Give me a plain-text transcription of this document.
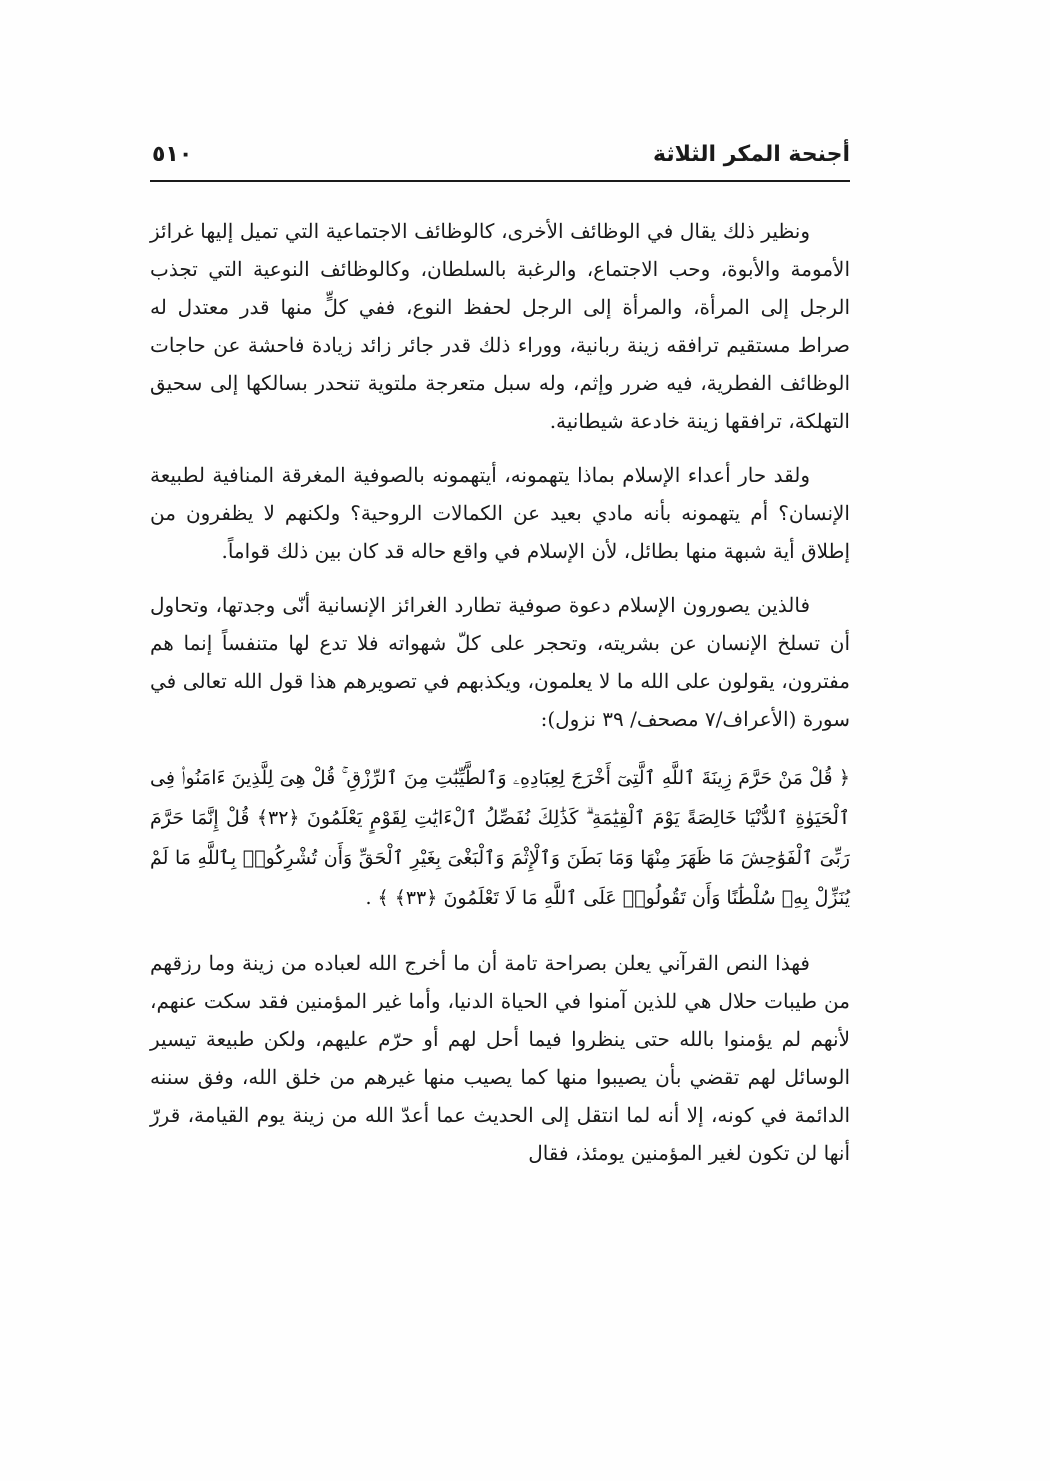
أجنحة المكر الثلاثة
٥١٠

ونظير ذلك يقال في الوظائف الأخرى، كالوظائف الاجتماعية التي تميل إليها غرائز الأمومة والأبوة، وحب الاجتماع، والرغبة بالسلطان، وكالوظائف النوعية التي تجذب الرجل إلى المرأة، والمرأة إلى الرجل لحفظ النوع، ففي كلٍّ منها قدر معتدل له صراط مستقيم ترافقه زينة ربانية، ووراء ذلك قدر جائر زائد زيادة فاحشة عن حاجات الوظائف الفطرية، فيه ضرر وإثم، وله سبل متعرجة ملتوية تنحدر بسالكها إلى سحيق التهلكة، ترافقها زينة خادعة شيطانية.

ولقد حار أعداء الإسلام بماذا يتهمونه، أيتهمونه بالصوفية المغرقة المنافية لطبيعة الإنسان؟ أم يتهمونه بأنه مادي بعيد عن الكمالات الروحية؟ ولكنهم لا يظفرون من إطلاق أية شبهة منها بطائل، لأن الإسلام في واقع حاله قد كان بين ذلك قواماً.

فالذين يصورون الإسلام دعوة صوفية تطارد الغرائز الإنسانية أنّى وجدتها، وتحاول أن تسلخ الإنسان عن بشريته، وتحجر على كلّ شهواته فلا تدع لها متنفساً إنما هم مفترون، يقولون على الله ما لا يعلمون، ويكذبهم في تصويرهم هذا قول الله تعالى في سورة (الأعراف/٧ مصحف/ ٣٩ نزول):

﴿ قُلْ مَنْ حَرَّمَ زِينَةَ ٱللَّهِ ٱلَّتِىٓ أَخْرَجَ لِعِبَادِهِۦ وَٱلطَّيِّبَٰتِ مِنَ ٱلرِّزْقِ ۚ قُلْ هِىَ لِلَّذِينَ ءَامَنُوا۟ فِى ٱلْحَيَوٰةِ ٱلدُّنْيَا خَالِصَةً يَوْمَ ٱلْقِيَٰمَةِ ۗ كَذَٰلِكَ نُفَصِّلُ ٱلْءَايَٰتِ لِقَوْمٍ يَعْلَمُونَ ﴿٣٢﴾ قُلْ إِنَّمَا حَرَّمَ رَبِّىَ ٱلْفَوَٰحِشَ مَا ظَهَرَ مِنْهَا وَمَا بَطَنَ وَٱلْإِثْمَ وَٱلْبَغْىَ بِغَيْرِ ٱلْحَقِّ وَأَن تُشْرِكُوا۟ بِٱللَّهِ مَا لَمْ يُنَزِّلْ بِهِۦ سُلْطَٰنًا وَأَن تَقُولُوا۟ عَلَى ٱللَّهِ مَا لَا تَعْلَمُونَ ﴿٣٣﴾ ﴾ .

فهذا النص القرآني يعلن بصراحة تامة أن ما أخرج الله لعباده من زينة وما رزقهم من طيبات حلال هي للذين آمنوا في الحياة الدنيا، وأما غير المؤمنين فقد سكت عنهم، لأنهم لم يؤمنوا بالله حتى ينظروا فيما أحل لهم أو حرّم عليهم، ولكن طبيعة تيسير الوسائل لهم تقضي بأن يصيبوا منها كما يصيب منها غيرهم من خلق الله، وفق سننه الدائمة في كونه، إلا أنه لما انتقل إلى الحديث عما أعدّ الله من زينة يوم القيامة، قررّ أنها لن تكون لغير المؤمنين يومئذ، فقال
